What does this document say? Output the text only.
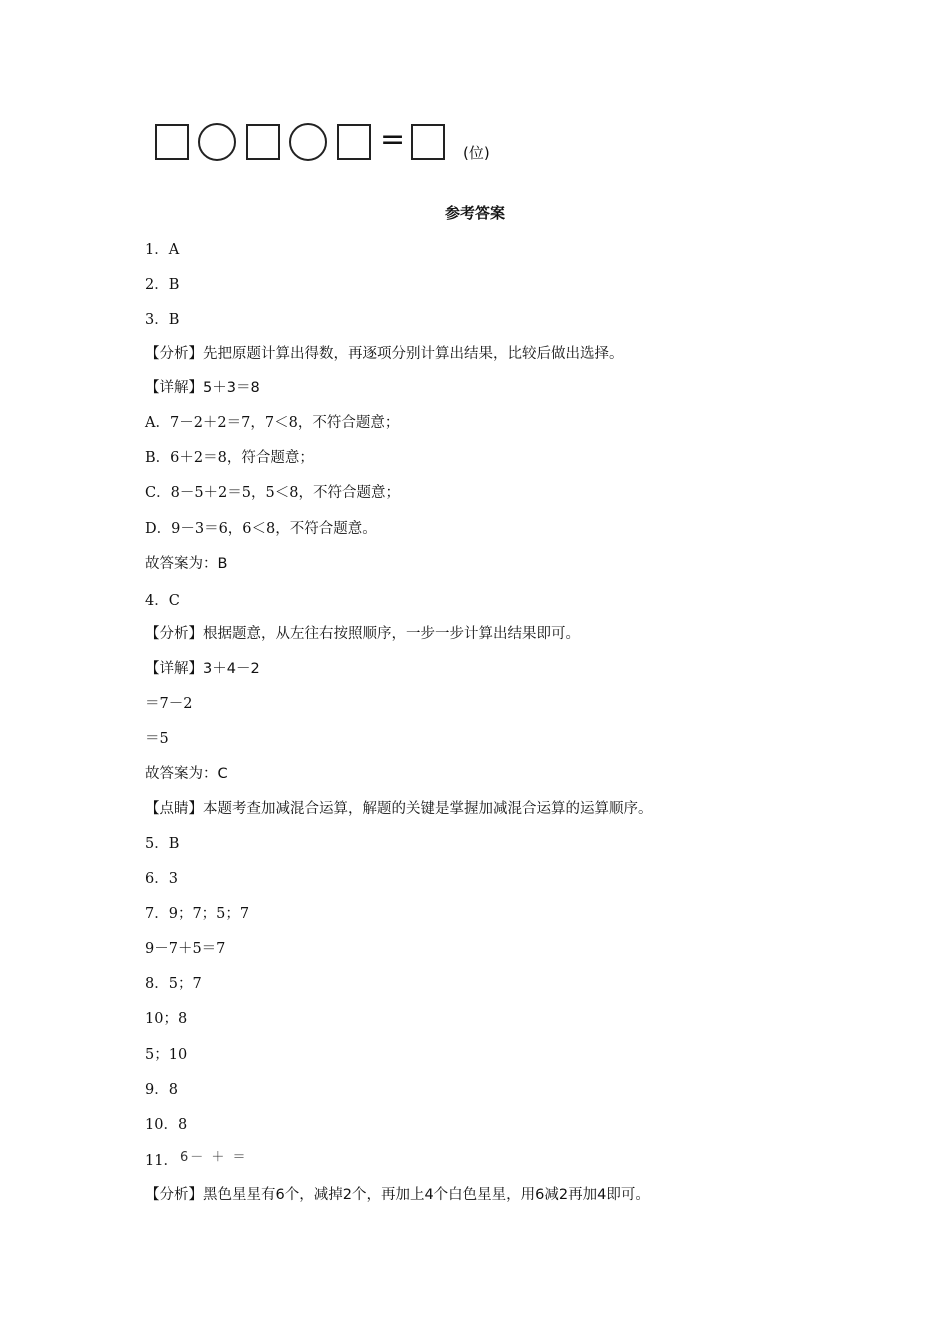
=	(位)
参考答案
1．A
2．B
3．B
【分析】先把原题计算出得数，再逐项分别计算出结果，比较后做出选择。
【详解】5＋3＝8
A．7－2＋2＝7，7＜8，不符合题意；
B．6＋2＝8，符合题意；
C．8－5＋2＝5，5＜8，不符合题意；
D．9－3＝6，6＜8，不符合题意。
故答案为：B
4．C
【分析】根据题意，从左往右按照顺序，一步一步计算出结果即可。
【详解】3＋4－2
＝7－2
＝5
故答案为：C
【点睛】本题考查加减混合运算，解题的关键是掌握加减混合运算的运算顺序。
5．B
6．3
7．9；7；5；7
9－7＋5＝7
8．5；7
10；8
5；10
9．8
10．8
11． 6－ ＋ ＝
【分析】黑色星星有6个，减掉2个，再加上4个白色星星，用6减2再加4即可。
